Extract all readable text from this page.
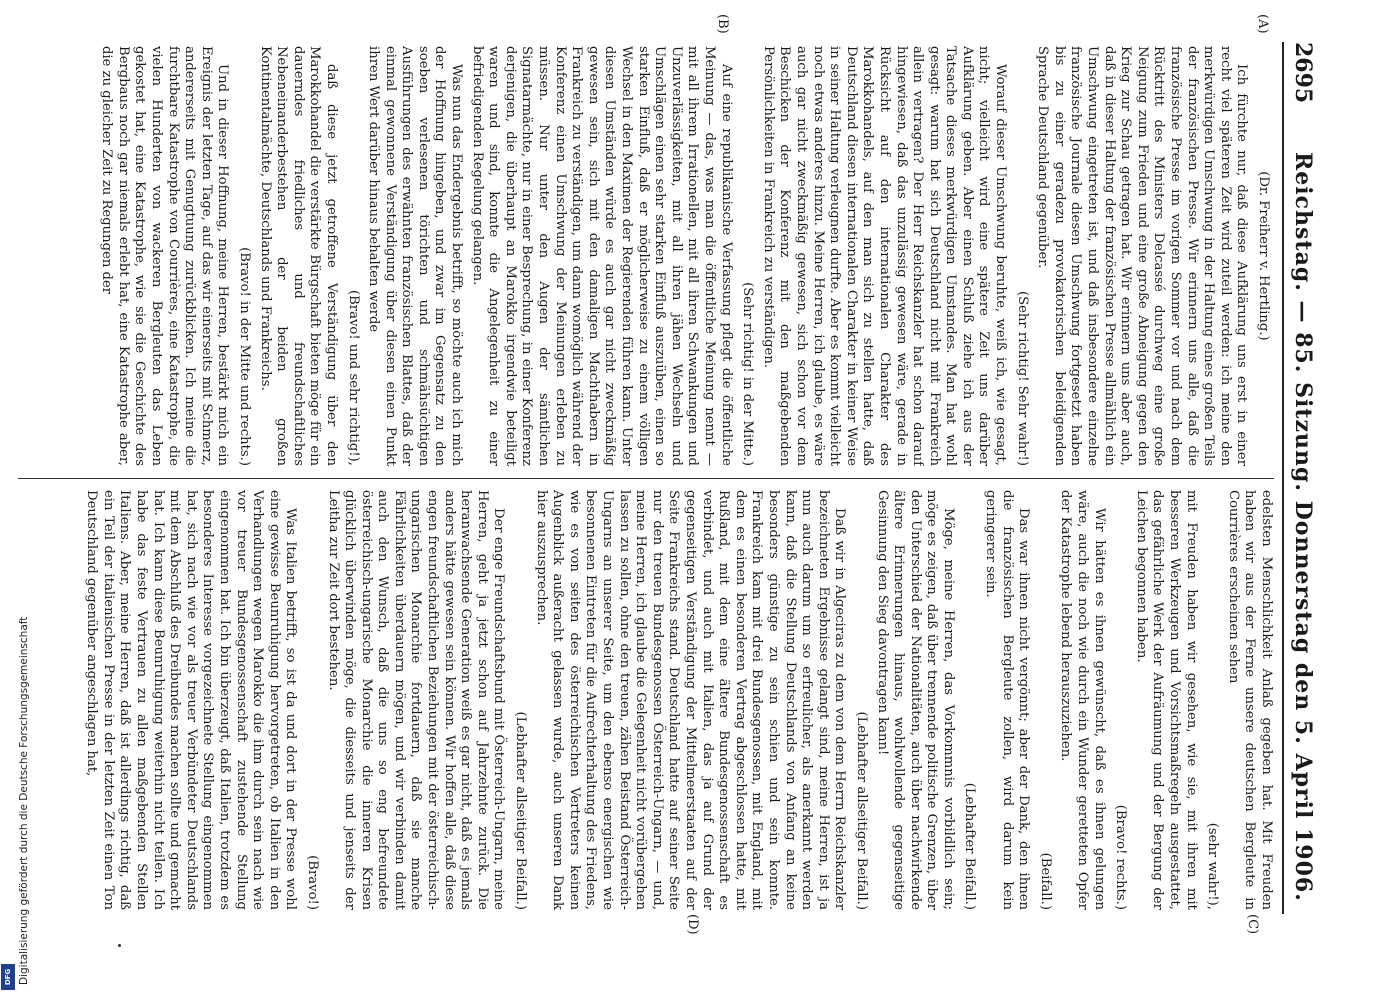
Digitalisierung gefördert durch die Deutsche Forschungsgemeinschaft
DFG
2695
Reichstag. — 85. Sitzung. Donnerstag den 5. April 1906.

(Dr. Freiherr v. Hertling.)

Ich fürchte nur, daß diese Aufklärung uns erst in einer recht viel späteren Zeit wird zuteil werden: ich meine den merkwürdigen Umschwung in der Haltung eines großen Teils der französischen Presse. Wir erinnern uns alle, daß die französische Presse im vorigen Sommer vor und nach dem Rücktritt des Ministers Delcassé durchweg eine große Neigung zum Frieden und eine große Abneigung gegen den Krieg zur Schau getragen hat. Wir erinnern uns aber auch, daß in dieser Haltung der französischen Presse allmählich ein Umschwung eingetreten ist, und daß insbesondere einzelne französische Journale diesen Umschwung fortgesetzt haben bis zu einer geradezu provokatorischen beleidigenden Sprache Deutschland gegenüber.

(Sehr richtig! Sehr wahr!)

Worauf dieser Umschwung beruhte, weiß ich, wie gesagt, nicht; vielleicht wird eine spätere Zeit uns darüber Aufklärung geben. Aber einen Schluß ziehe ich aus der Tatsache dieses merkwürdigen Umstandes. Man hat wohl gesagt: warum hat sich Deutschland nicht mit Frankreich allein vertragen? Der Herr Reichskanzler hat schon darauf hingewiesen, daß das unzulässig gewesen wäre, gerade in Rücksicht auf den internationalen Charakter des Marokkohandels, auf den man sich zu stellen hatte, daß Deutschland diesen internationalen Charakter in keiner Weise in seiner Haltung verleugnen durfte. Aber es kommt vielleicht noch etwas anderes hinzu. Meine Herren, ich glaube, es wäre auch gar nicht zweckmäßig gewesen, sich schon vor dem Beschicken der Konferenz mit den maßgebenden Persönlichkeiten in Frankreich zu verständigen.

(Sehr richtig! in der Mitte.)

Auf eine republikanische Verfassung pflegt die öffentliche Meinung — das, was man die öffentliche Meinung nennt — mit all ihrem Irrationellen, mit all ihren Schwankungen und Unzuverlässigkeiten, mit all ihren jähen Wechseln und Umschlägen einen sehr starken Einfluß auszuüben, einen so starken Einfluß, daß er möglicherweise zu einem völligen Wechsel in den Maximen der Regierenden führen kann. Unter diesen Umständen würde es auch gar nicht zweckmäßig gewesen sein, sich mit den damaligen Machthabern in Frankreich zu verständigen, um dann womöglich während der Konferenz einen Umschwung der Meinungen erleben zu müssen. Nur unter den Augen der sämtlichen Signatarmächte, nur in einer Besprechung, in einer Konferenz derjenigen, die überhaupt an Marokko irgendwie beteiligt waren und sind, konnte die Angelegenheit zu einer befriedigenden Regelung gelangen.

Was nun das Endergebnis betrifft, so möchte auch ich mich der Hoffnung hingeben, und zwar im Gegensatz zu den soeben verlesenen törichten und schmähsüchtigen Ausführungen des erwähnten französischen Blattes, daß der einmal gewonnene Verständigung über diesen einen Punkt ihren Wert darüber hinaus behalten werde

(Bravo! und sehr richtig!),

daß diese jetzt getroffene Verständigung über den Marokkohandel die verstärkte Bürgschaft bieten möge für ein dauerndes friedliches und freundschaftliches Nebeneinanderbestehen der beiden großen Kontinentalmächte, Deutschlands und Frankreichs.

(Bravo! in der Mitte und rechts.)

Und in dieser Hoffnung, meine Herren, bestärkt mich ein Ereignis der letzten Tage, auf das wir einerseits mit Schmerz, andererseits mit Genugtuung zurückblicken. Ich meine die furchtbare Katastrophe von Courrières, eine Katastrophe, die vielen Hunderten von wackeren Bergleuten das Leben gekostet hat, eine Katastrophe, wie sie die Geschichte des Bergbaus noch gar niemals erlebt hat, eine Katastrophe aber, die zu gleicher Zeit zu Regungen der

edelsten Menschlichkeit Anlaß gegeben hat. Mit Freuden haben wir aus der Ferne unsere deutschen Bergleute in Courrières erscheinen sehen

(sehr wahr!),

mit Freuden haben wir gesehen, wie sie, mit ihren mit besseren Werkzeugen und Vorsichtsmaßregeln ausgestattet, das gefährliche Werk der Aufräumung und der Bergung der Leichen begonnen haben.

(Bravo! rechts.)

Wir hätten es ihnen gewünscht, daß es ihnen gelungen wäre, auch die noch wie durch ein Wunder geretteten Opfer der Katastrophe lebend herauszuziehen.

(Beifall.)

Das war ihnen nicht vergönnt; aber der Dank, den ihnen die französischen Bergleute zollen, wird darum kein geringerer sein.

(Lebhafter Beifall.)

Möge, meine Herren, das Vorkommnis vorbildlich sein; möge es zeigen, daß über trennende politische Grenzen, über den Unterschied der Nationalitäten, auch über nachwirkende ältere Erinnerungen hinaus, wohlwollende gegenseitige Gesinnung den Sieg davontragen kann!

(Lebhafter allseitiger Beifall.)

Daß wir in Algeciras zu dem von dem Herrn Reichskanzler bezeichneten Ergebnisse gelangt sind, meine Herren, ist ja nun auch darum um so erfreulicher, als anerkannt werden kann, daß die Stellung Deutschlands von Anfang an keine besonders günstige zu sein schien und sein konnte. Frankreich kam mit drei Bundesgenossen, mit England, mit dem es einen besonderen Vertrag abgeschlossen hatte, mit Rußland, mit dem eine ältere Bundesgenossenschaft es verbindet, und auch mit Italien, das ja auf Grund der gegenseitigen Verständigung der Mittelmeerstaaten auf der Seite Frankreichs stand. Deutschland hatte auf seiner Seite nur den treuen Bundesgenossen Österreich-Ungarn, — und, meine Herren, ich glaube die Gelegenheit nicht vorübergehen lassen zu sollen, ohne den treuen, zähen Beistand Österreich-Ungarns an unserer Seite, um den ebenso energischen wie besonnenen Eintreten für die Aufrechterhaltung des Friedens, wie es von seiten des österreichischen Vertreters keinen Augenblick außeracht gelassen wurde, auch unseren Dank hier auszusprechen.

(Lebhafter allseitiger Beifall.)

Der enge Freundschaftsbund mit Österreich-Ungarn, meine Herren, geht ja jetzt schon auf Jahrzehnte zurück. Die heranwachsende Generation weiß es gar nicht, daß es jemals anders hätte gewesen sein können. Wir hoffen alle, daß diese engen freundschaftlichen Beziehungen mit der österreichisch-ungarischen Monarchie fortdauern, daß sie manche Fährlichkeiten überdauern mögen, und wir verbinden damit auch den Wunsch, daß die uns so eng befreundete österreichisch-ungarische Monarchie die inneren Krisen glücklich überwinden möge, die diesseits und jenseits der Leitha zur Zeit dort bestehen.

(Bravo!)

Was Italien betrifft, so ist da und dort in der Presse wohl eine gewisse Beunruhigung hervorgetreten, ob Italien in den Verhandlungen wegen Marokko die ihm durch sein nach wie vor treuer Bundesgenossenschaft zustehende Stellung eingenommen hat. Ich bin überzeugt, daß Italien, trotzdem es besonderes Interesse vorgezeichnete Stellung eingenommen hat, sich nach wie vor als treuer Verbündeter Deutschlands mit dem Abschluß des Dreibundes machen sollte und gemacht hat. Ich kann diese Beunruhigung weiterhin nicht teilen. Ich habe das feste Vertrauen zu allen maßgebenden Stellen Italiens. Aber, meine Herren, daß ist allerdings richtig, daß ein Teil der italienischen Presse in der letzten Zeit einen Ton Deutschland gegenüber angeschlagen hat,

(A)
(B)
(C)
(D)
